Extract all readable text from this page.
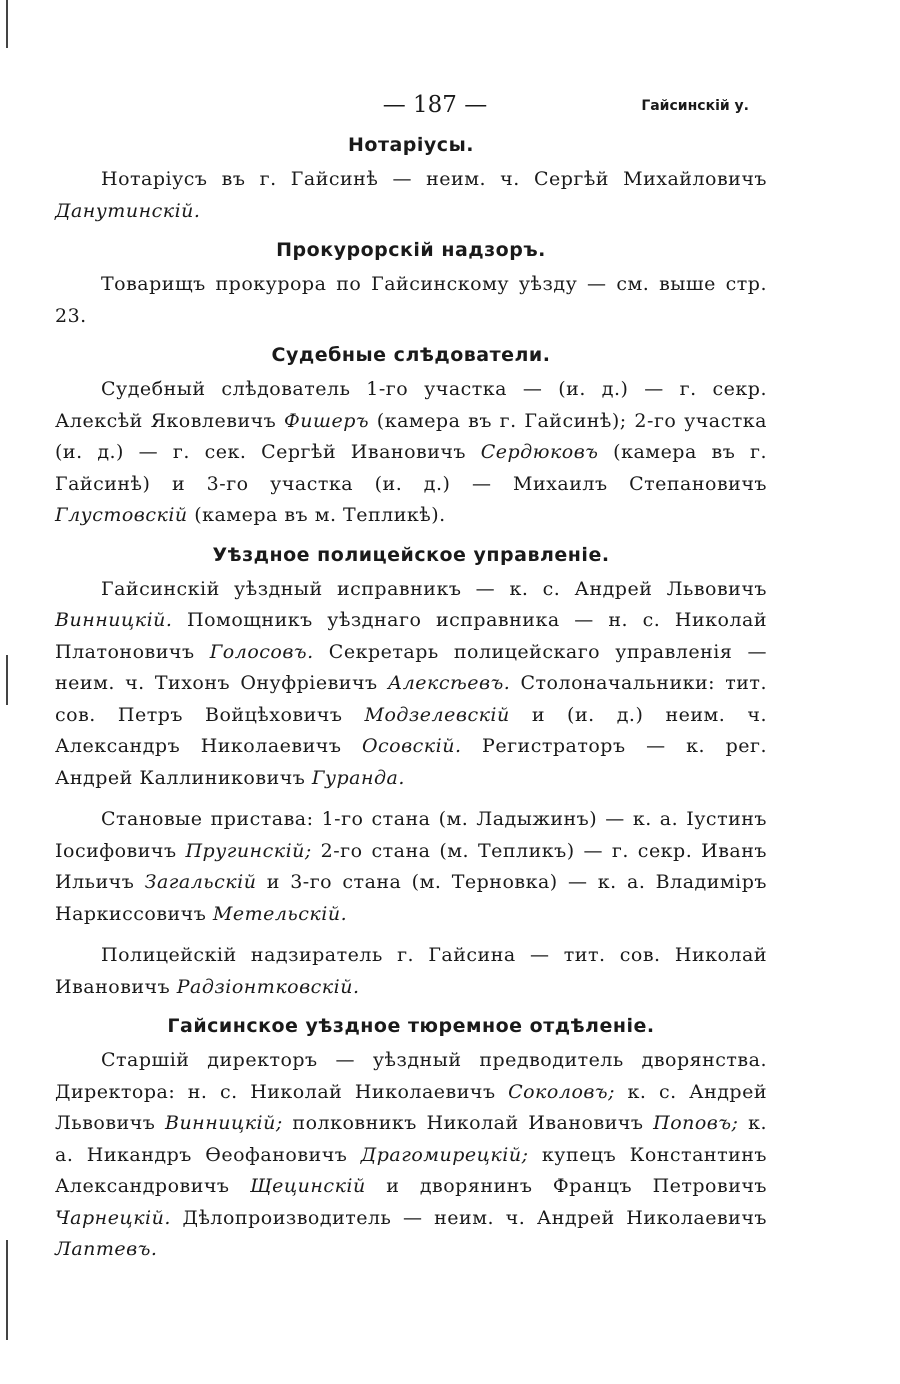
— 187 —	Гайсинскій у.
Нотаріусы.

Нотаріусъ въ г. Гайсинѣ — неим. ч. Сергѣй Михайловичъ Данутинскій.

Прокурорскій надзоръ.

Товарищъ прокурора по Гайсинскому уѣзду — см. выше стр. 23.

Судебные слѣдователи.

Судебный слѣдователь 1-го участка — (и. д.) — г. секр. Алексѣй Яковлевичъ Фишеръ (камера въ г. Гайсинѣ); 2-го участка (и. д.) — г. сек. Сергѣй Ивановичъ Сердюковъ (камера въ г. Гайсинѣ) и 3-го участка (и. д.) — Михаилъ Степановичъ Глустовскій (камера въ м. Тепликѣ).

Уѣздное полицейское управленіе.

Гайсинскій уѣздный исправникъ — к. с. Андрей Львовичъ Винницкій. Помощникъ уѣзднаго исправника — н. с. Николай Платоновичъ Голосовъ. Секретарь полицейскаго управленія — неим. ч. Тихонъ Онуфріевичъ Алексѣевъ. Столоначальники: тит. сов. Петръ Войцѣховичъ Модзелевскій и (и. д.) неим. ч. Александръ Николаевичъ Осовскій. Регистраторъ — к. рег. Андрей Каллиниковичъ Гуранда.

Становые пристава: 1-го стана (м. Ладыжинъ) — к. а. Іустинъ Іосифовичъ Пругинскій; 2-го стана (м. Тепликъ) — г. секр. Иванъ Ильичъ Загальскій и 3-го стана (м. Терновка) — к. а. Владиміръ Наркиссовичъ Метельскій.

Полицейскій надзиратель г. Гайсина — тит. сов. Николай Ивановичъ Радзіонтковскій.

Гайсинское уѣздное тюремное отдѣленіе.

Старшій директоръ — уѣздный предводитель дворянства. Директора: н. с. Николай Николаевичъ Соколовъ; к. с. Андрей Львовичъ Винницкій; полковникъ Николай Ивановичъ Поповъ; к. а. Никандръ Ѳеофановичъ Драгомирецкій; купецъ Константинъ Александровичъ Щецинскій и дворянинъ Францъ Петровичъ Чарнецкій. Дѣлопроизводитель — неим. ч. Андрей Николаевичъ Лаптевъ.
